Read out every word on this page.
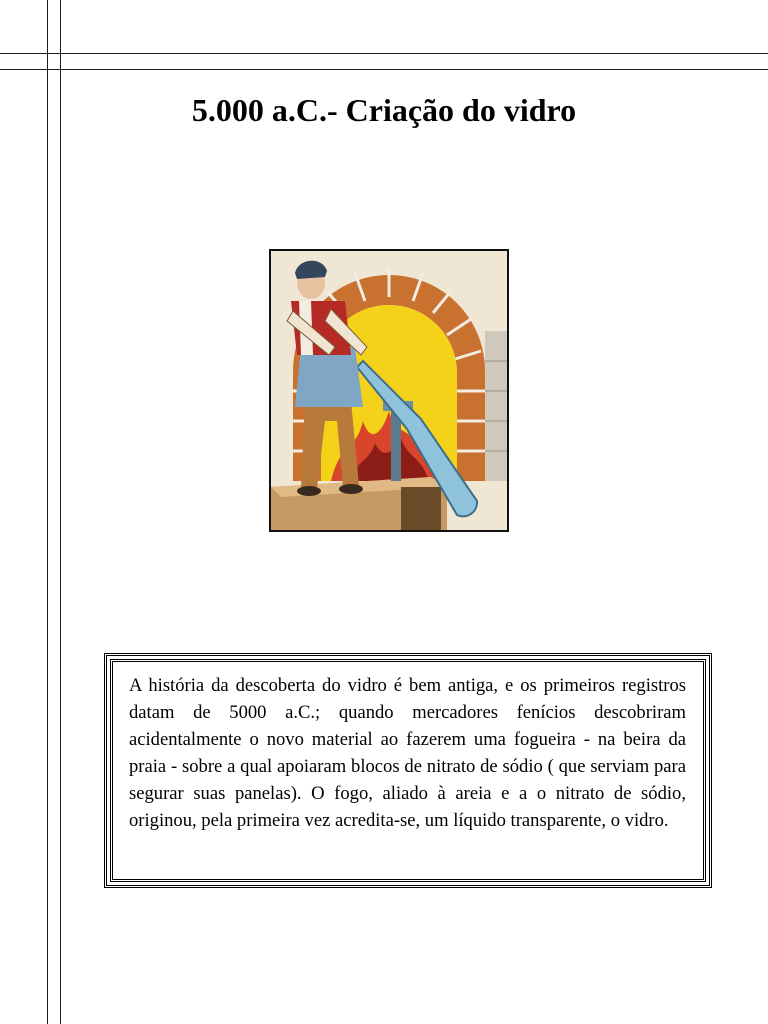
5.000 a.C.- Criação do vidro

A história da descoberta do vidro é bem antiga, e os primeiros registros datam de 5000 a.C.; quando mercadores fenícios descobriram acidentalmente o novo material ao fazerem uma fogueira - na beira da praia - sobre a qual apoiaram blocos de nitrato de sódio ( que serviam para segurar suas panelas). O fogo, aliado à areia e a o nitrato de sódio, originou, pela primeira vez acredita-se, um líquido transparente, o vidro.
